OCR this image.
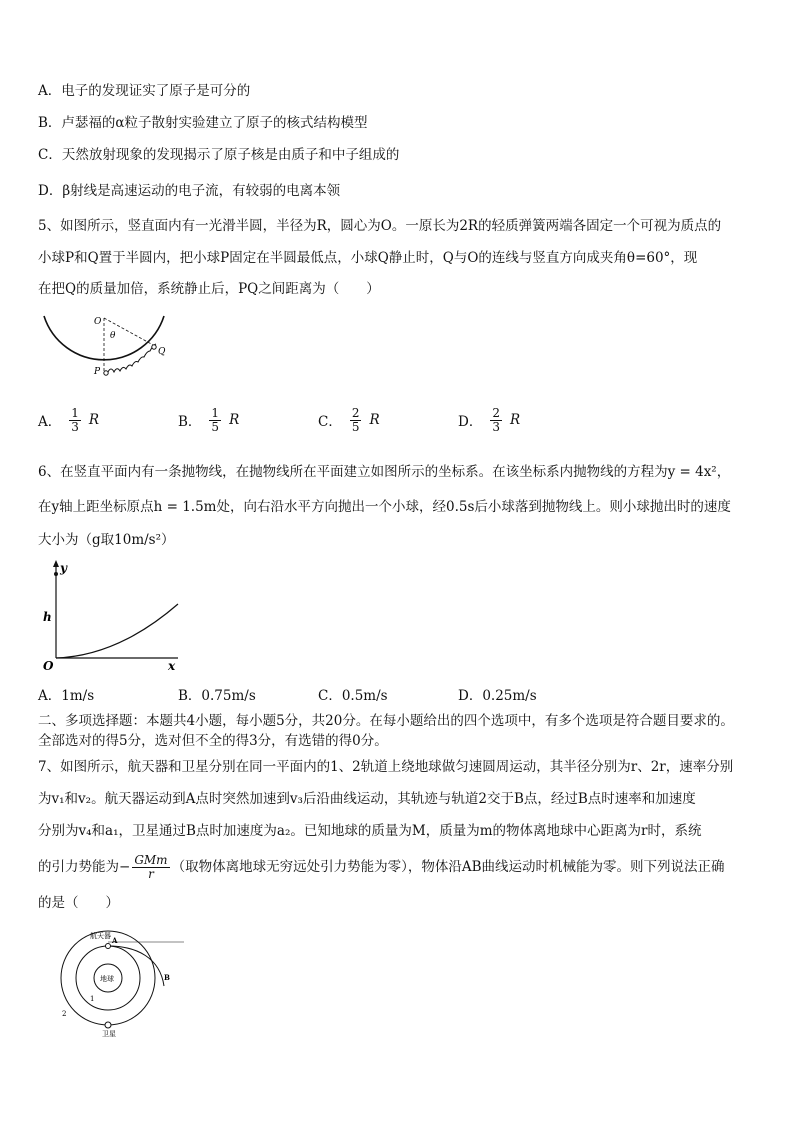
A．电子的发现证实了原子是可分的
B．卢瑟福的α粒子散射实验建立了原子的核式结构模型
C．天然放射现象的发现揭示了原子核是由质子和中子组成的
D．β射线是高速运动的电子流，有较弱的电离本领
5、如图所示，竖直面内有一光滑半圆，半径为R，圆心为O。一原长为2R的轻质弹簧两端各固定一个可视为质点的
小球P和Q置于半圆内，把小球P固定在半圆最低点，小球Q静止时，Q与O的连线与竖直方向成夹角θ=60°，现
在把Q的质量加倍，系统静止后，PQ之间距离为（　　）
O
θ
P
Q
A． $\frac{1}{3}$ R	B． $\frac{1}{5}$ R	C． $\frac{2}{5}$ R	D． $\frac{2}{3}$ R
6、在竖直平面内有一条抛物线，在抛物线所在平面建立如图所示的坐标系。在该坐标系内抛物线的方程为y = 4x²，
在y轴上距坐标原点h = 1.5m处，向右沿水平方向抛出一个小球，经0.5s后小球落到抛物线上。则小球抛出时的速度
大小为（g取10m/s²）
y
h
O	x
A．1m/s	B．0.75m/s	C．0.5m/s	D．0.25m/s
二、多项选择题：本题共4小题，每小题5分，共20分。在每小题给出的四个选项中，有多个选项是符合题目要求的。
全部选对的得5分，选对但不全的得3分，有选错的得0分。
7、如图所示，航天器和卫星分别在同一平面内的1、2轨道上绕地球做匀速圆周运动，其半径分别为r、2r，速率分别
为v₁和v₂。航天器运动到A点时突然加速到v₃后沿曲线运动，其轨迹与轨道2交于B点，经过B点时速率和加速度
分别为v₄和a₁，卫星通过B点时加速度为a₂。已知地球的质量为M，质量为m的物体离地球中心距离为r时，系统
的引力势能为− $\frac{\text{GMm}}{r}$ （取物体离地球无穷远处引力势能为零），物体沿AB曲线运动时机械能为零。则下列说法正确
的是（　　）
航天器 A
地球	B
1
2
卫星
